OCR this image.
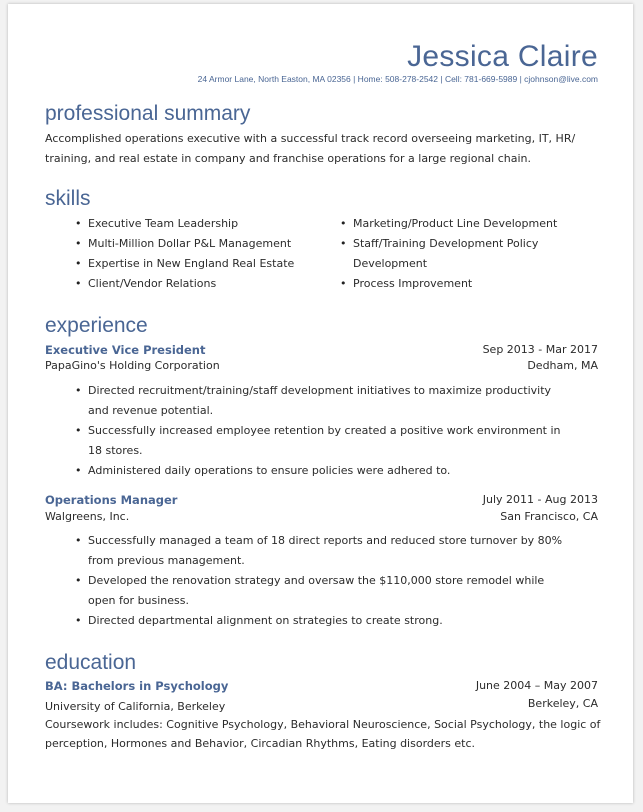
Jessica Claire
24 Armor Lane, North Easton, MA 02356 | Home: 508-278-2542 | Cell: 781-669-5989 | cjohnson@live.com
professional summary
Accomplished operations executive with a successful track record overseeing marketing, IT, HR/ training, and real estate in company and franchise operations for a large regional chain.
skills
• Executive Team Leadership
• Multi-Million Dollar P&L Management
• Expertise in New England Real Estate
• Client/Vendor Relations
• Marketing/Product Line Development
• Staff/Training Development Policy Development
• Process Improvement
experience
Executive Vice President	Sep 2013 - Mar 2017
PapaGino's Holding Corporation	Dedham, MA
• Directed recruitment/training/staff development initiatives to maximize productivity and revenue potential.
• Successfully increased employee retention by created a positive work environment in 18 stores.
• Administered daily operations to ensure policies were adhered to.
Operations Manager	July 2011 - Aug 2013
Walgreens, Inc.	San Francisco, CA
• Successfully managed a team of 18 direct reports and reduced store turnover by 80% from previous management.
• Developed the renovation strategy and oversaw the $110,000 store remodel while open for business.
• Directed departmental alignment on strategies to create strong.
education
BA: Bachelors in Psychology	June 2004 – May 2007
University of California, Berkeley	Berkeley, CA
Coursework includes: Cognitive Psychology, Behavioral Neuroscience, Social Psychology, the logic of perception, Hormones and Behavior, Circadian Rhythms, Eating disorders etc.
